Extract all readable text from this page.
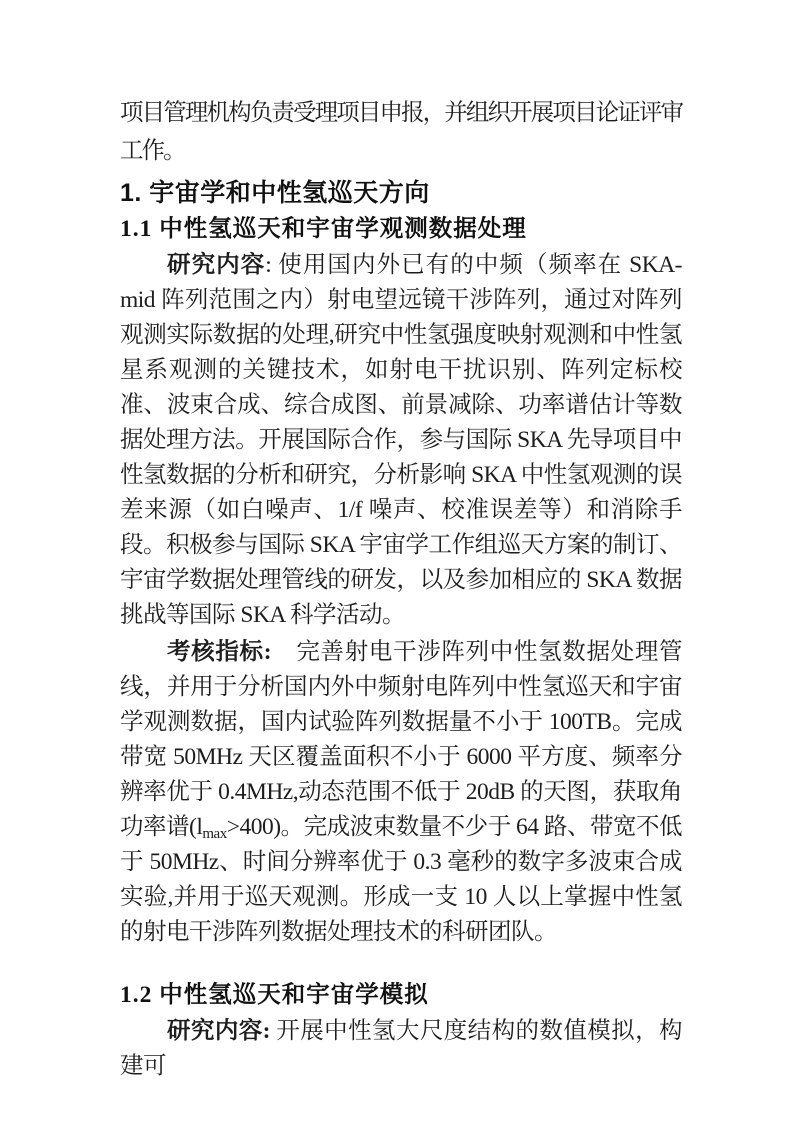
项目管理机构负责受理项目申报，并组织开展项目论证评审工作。

1. 宇宙学和中性氢巡天方向
1.1 中性氢巡天和宇宙学观测数据处理

研究内容: 使用国内外已有的中频（频率在 SKA-mid 阵列范围之内）射电望远镜干涉阵列，通过对阵列观测实际数据的处理,研究中性氢强度映射观测和中性氢星系观测的关键技术，如射电干扰识别、阵列定标校准、波束合成、综合成图、前景减除、功率谱估计等数据处理方法。开展国际合作，参与国际 SKA 先导项目中性氢数据的分析和研究，分析影响 SKA 中性氢观测的误差来源（如白噪声、1/f 噪声、校准误差等）和消除手段。积极参与国际 SKA 宇宙学工作组巡天方案的制订、宇宙学数据处理管线的研发，以及参加相应的 SKA 数据挑战等国际 SKA 科学活动。

考核指标:　完善射电干涉阵列中性氢数据处理管线，并用于分析国内外中频射电阵列中性氢巡天和宇宙学观测数据，国内试验阵列数据量不小于 100TB。完成带宽 50MHz 天区覆盖面积不小于 6000 平方度、频率分辨率优于 0.4MHz,动态范围不低于 20dB 的天图，获取角功率谱$(l_{max}>400)$。完成波束数量不少于 64 路、带宽不低于 50MHz、时间分辨率优于 0.3 毫秒的数字多波束合成实验,并用于巡天观测。形成一支 10 人以上掌握中性氢的射电干涉阵列数据处理技术的科研团队。

1.2 中性氢巡天和宇宙学模拟

研究内容: 开展中性氢大尺度结构的数值模拟，构建可
